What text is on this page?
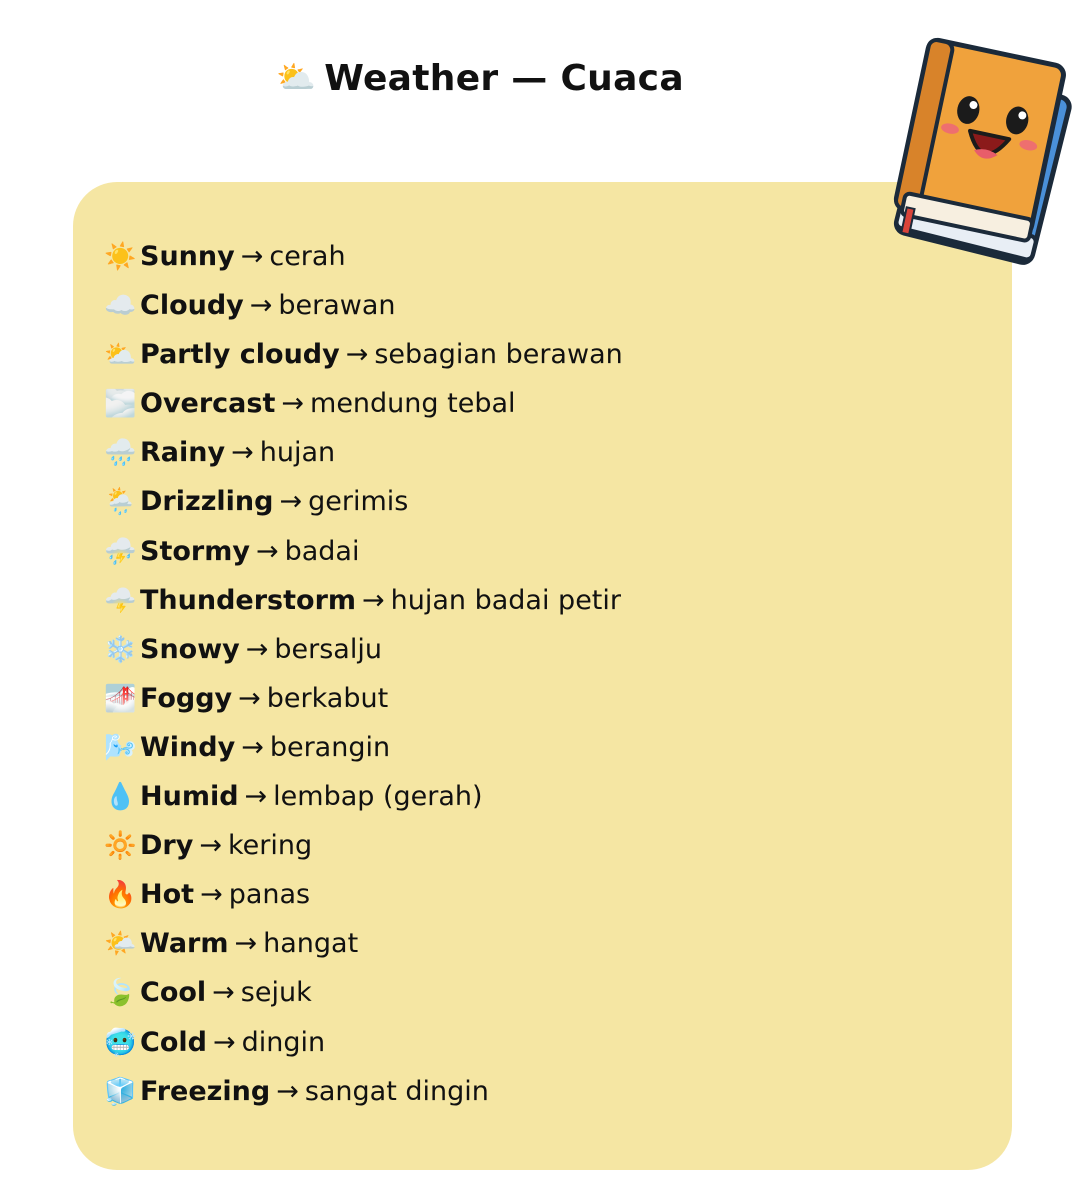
⛅ Weather — Cuaca
☀️ Sunny → cerah
☁️ Cloudy → berawan
⛅ Partly cloudy → sebagian berawan
🌫️ Overcast → mendung tebal
🌧️ Rainy → hujan
🌦️ Drizzling → gerimis
⛈️ Stormy → badai
🌩️ Thunderstorm → hujan badai petir
❄️ Snowy → bersalju
🌁 Foggy → berkabut
🌬️ Windy → berangin
💧 Humid → lembap (gerah)
🔆 Dry → kering
🔥 Hot → panas
🌤️ Warm → hangat
🍃 Cool → sejuk
🥶 Cold → dingin
🧊 Freezing → sangat dingin
